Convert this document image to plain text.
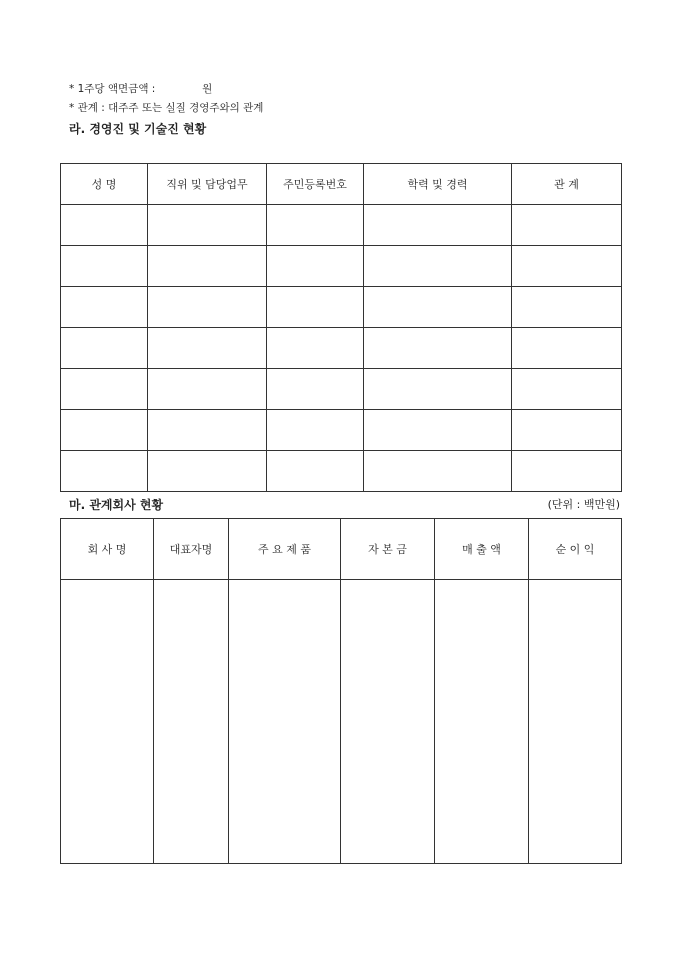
* 1주당 액면금액 :              원
* 관계 : 대주주 또는 실질 경영주와의 관계
라. 경영진 및 기술진 현황
성 명	직위 및 담당업무	주민등록번호	학력 및 경력	관 계

마. 관계회사 현황	(단위 : 백만원)
회 사 명	대표자명	주 요 제 품	자 본 금	매 출 액	순 이 익
